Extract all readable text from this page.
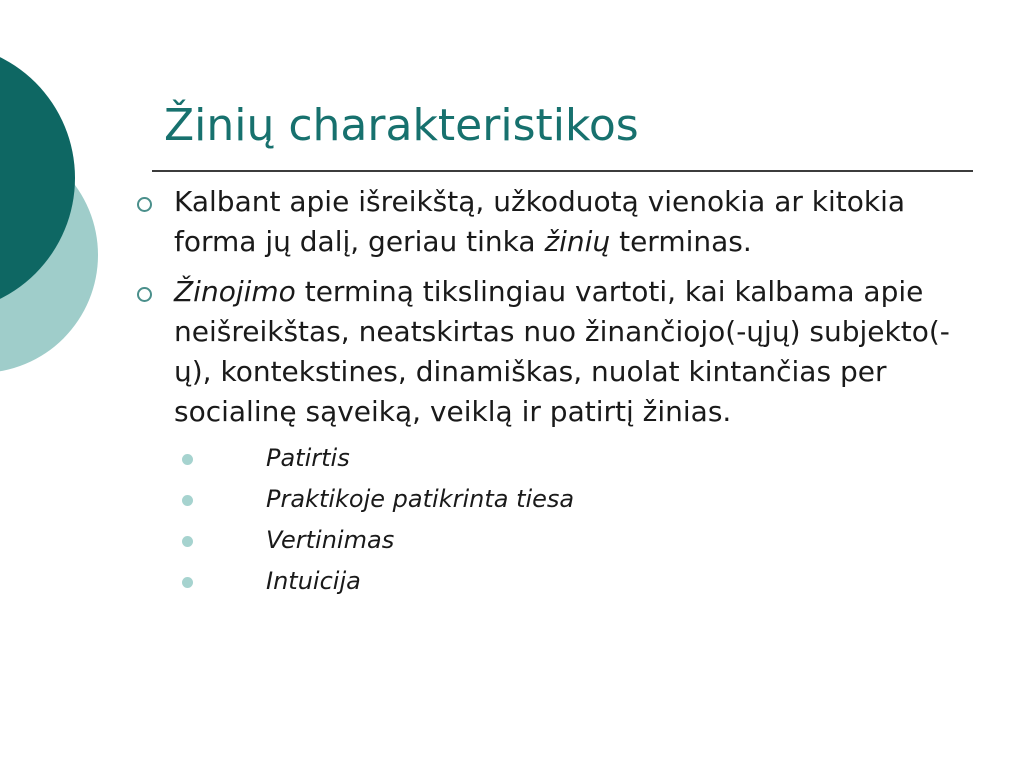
Žinių charakteristikos

Kalbant apie išreikštą, užkoduotą vienokia ar kitokia forma jų dalį, geriau tinka žinių terminas.

Žinojimo terminą tikslingiau vartoti, kai kalbama apie neišreikštas, neatskirtas nuo žinančiojo(-ųjų) subjekto(-ų), kontekstines, dinamiškas, nuolat kintančias per socialinę sąveiką, veiklą ir patirtį žinias.

Patirtis
Praktikoje patikrinta tiesa
Vertinimas
Intuicija
